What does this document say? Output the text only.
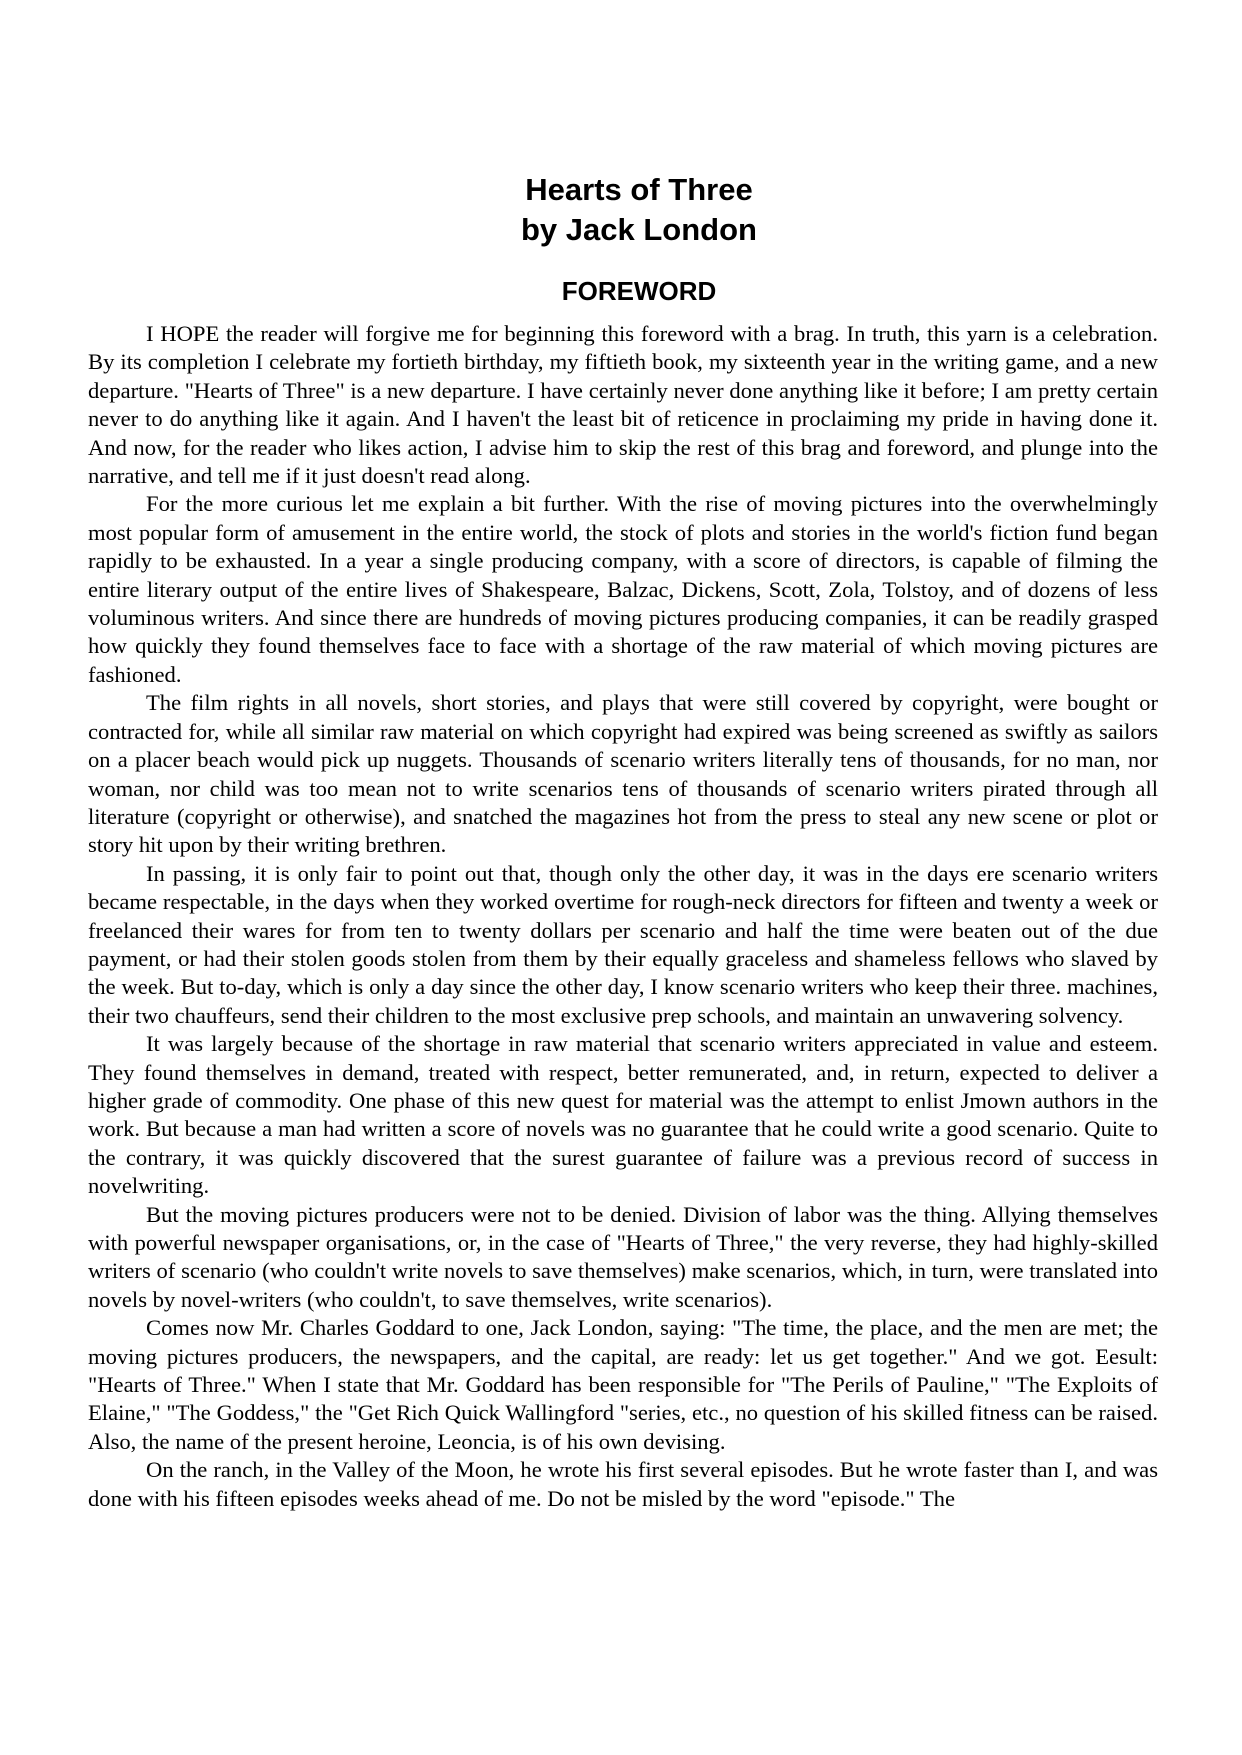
Hearts of Three
by Jack London
FOREWORD

I HOPE the reader will forgive me for beginning this foreword with a brag. In truth, this yarn is a celebration. By its completion I celebrate my fortieth birthday, my fiftieth book, my sixteenth year in the writing game, and a new departure. "Hearts of Three" is a new departure. I have certainly never done anything like it before; I am pretty certain never to do anything like it again. And I haven't the least bit of reticence in proclaiming my pride in having done it. And now, for the reader who likes action, I advise him to skip the rest of this brag and foreword, and plunge into the narrative, and tell me if it just doesn't read along.

For the more curious let me explain a bit further. With the rise of moving pictures into the overwhelmingly most popular form of amusement in the entire world, the stock of plots and stories in the world's fiction fund began rapidly to be exhausted. In a year a single producing company, with a score of directors, is capable of filming the entire literary output of the entire lives of Shakespeare, Balzac, Dickens, Scott, Zola, Tolstoy, and of dozens of less voluminous writers. And since there are hundreds of moving pictures producing companies, it can be readily grasped how quickly they found themselves face to face with a shortage of the raw material of which moving pictures are fashioned.

The film rights in all novels, short stories, and plays that were still covered by copyright, were bought or contracted for, while all similar raw material on which copyright had expired was being screened as swiftly as sailors on a placer beach would pick up nuggets. Thousands of scenario writers literally tens of thousands, for no man, nor woman, nor child was too mean not to write scenarios tens of thousands of scenario writers pirated through all literature (copyright or otherwise), and snatched the magazines hot from the press to steal any new scene or plot or story hit upon by their writing brethren.

In passing, it is only fair to point out that, though only the other day, it was in the days ere scenario writers became respectable, in the days when they worked overtime for rough-neck directors for fifteen and twenty a week or freelanced their wares for from ten to twenty dollars per scenario and half the time were beaten out of the due payment, or had their stolen goods stolen from them by their equally graceless and shameless fellows who slaved by the week. But to-day, which is only a day since the other day, I know scenario writers who keep their three. machines, their two chauffeurs, send their children to the most exclusive prep schools, and maintain an unwavering solvency.

It was largely because of the shortage in raw material that scenario writers appreciated in value and esteem. They found themselves in demand, treated with respect, better remunerated, and, in return, expected to deliver a higher grade of commodity. One phase of this new quest for material was the attempt to enlist Jmown authors in the work. But because a man had written a score of novels was no guarantee that he could write a good scenario. Quite to the contrary, it was quickly discovered that the surest guarantee of failure was a previous record of success in novelwriting.

But the moving pictures producers were not to be denied. Division of labor was the thing. Allying themselves with powerful newspaper organisations, or, in the case of "Hearts of Three," the very reverse, they had highly-skilled writers of scenario (who couldn't write novels to save themselves) make scenarios, which, in turn, were translated into novels by novel-writers (who couldn't, to save themselves, write scenarios).

Comes now Mr. Charles Goddard to one, Jack London, saying: "The time, the place, and the men are met; the moving pictures producers, the newspapers, and the capital, are ready: let us get together." And we got. Eesult: "Hearts of Three." When I state that Mr. Goddard has been responsible for "The Perils of Pauline," "The Exploits of Elaine," "The Goddess," the "Get Rich Quick Wallingford "series, etc., no question of his skilled fitness can be raised. Also, the name of the present heroine, Leoncia, is of his own devising.

On the ranch, in the Valley of the Moon, he wrote his first several episodes. But he wrote faster than I, and was done with his fifteen episodes weeks ahead of me. Do not be misled by the word "episode." The
